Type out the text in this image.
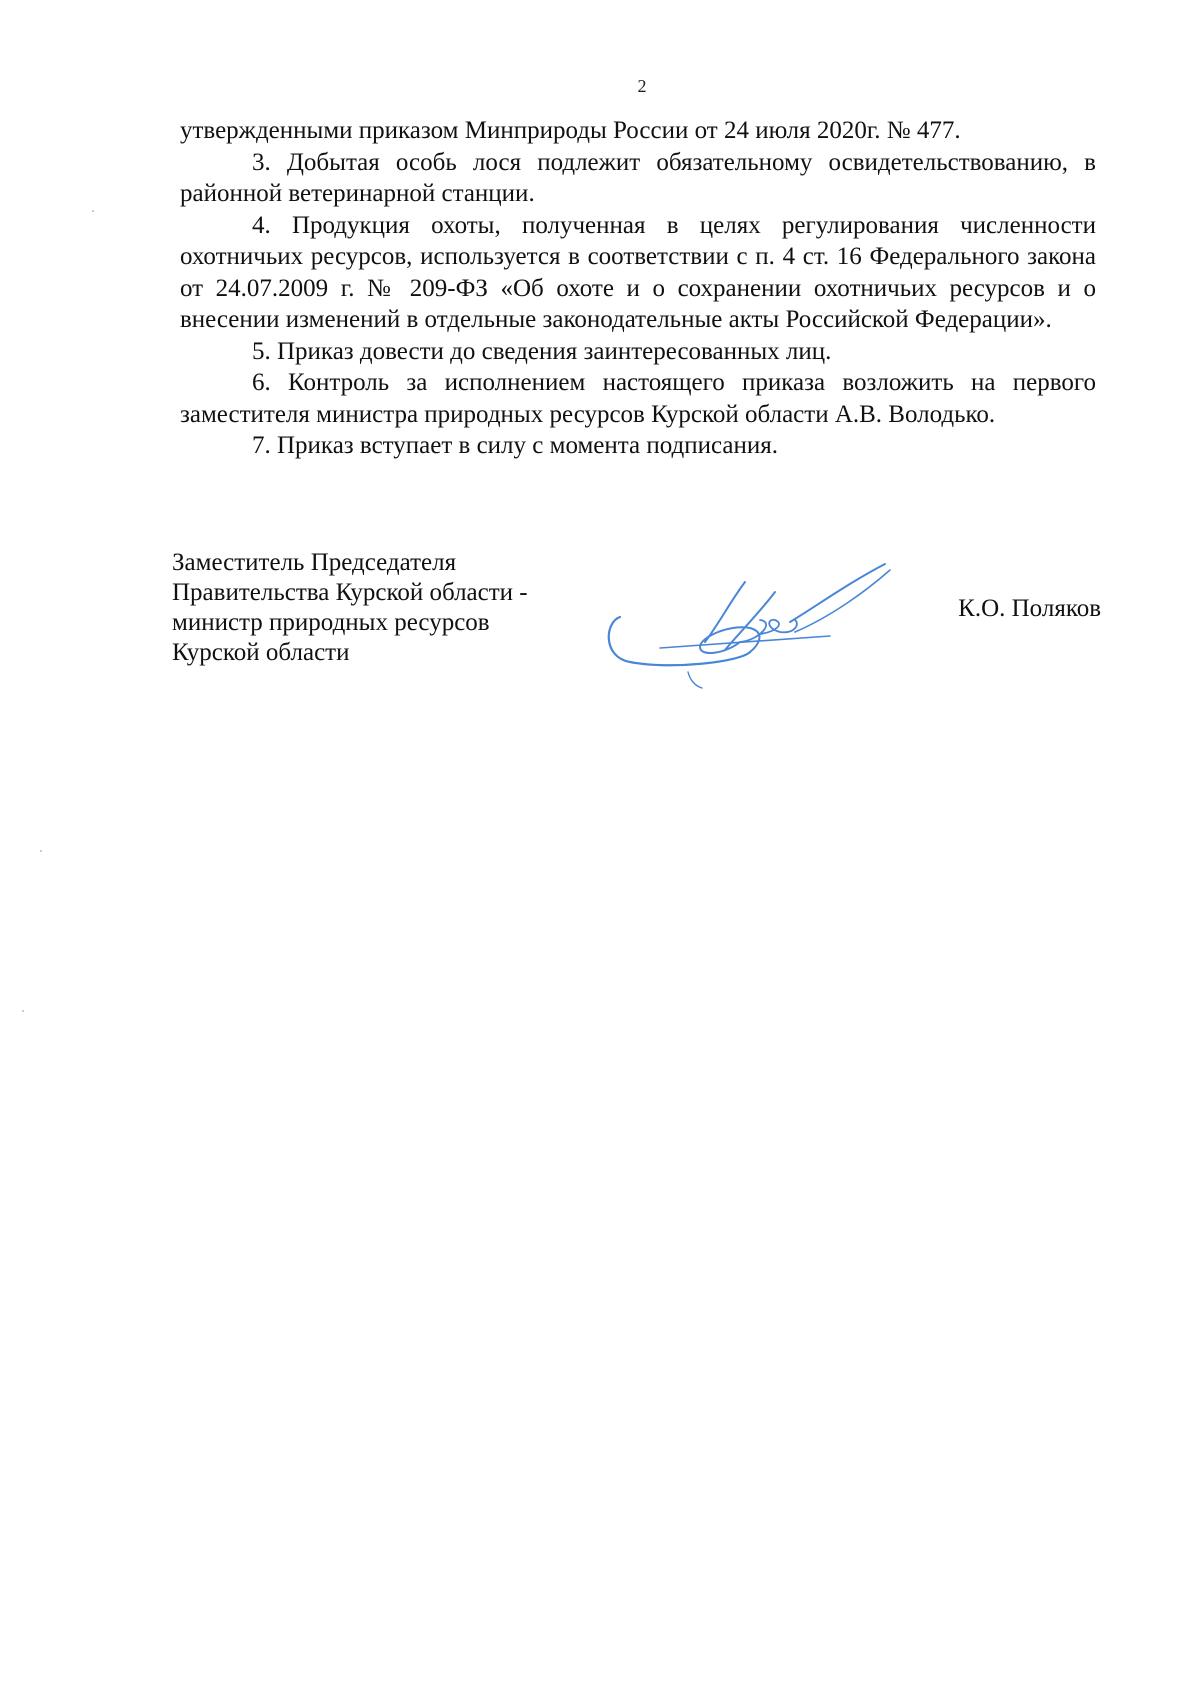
2

утвержденными приказом Минприроды России от 24 июля 2020г. № 477.

3. Добытая особь лося подлежит обязательному освидетельствованию, в районной ветеринарной станции.

4. Продукция охоты, полученная в целях регулирования численности охотничьих ресурсов, используется в соответствии с п. 4 ст. 16 Федерального закона от 24.07.2009 г. № 209-ФЗ «Об охоте и о сохранении охотничьих ресурсов и о внесении изменений в отдельные законодательные акты Российской Федерации».

5. Приказ довести до сведения заинтересованных лиц.

6. Контроль за исполнением настоящего приказа возложить на первого заместителя министра природных ресурсов Курской области А.В. Володько.

7. Приказ вступает в силу с момента подписания.

Заместитель Председателя
Правительства Курской области -
министр природных ресурсов
Курской области
К.О. Поляков
